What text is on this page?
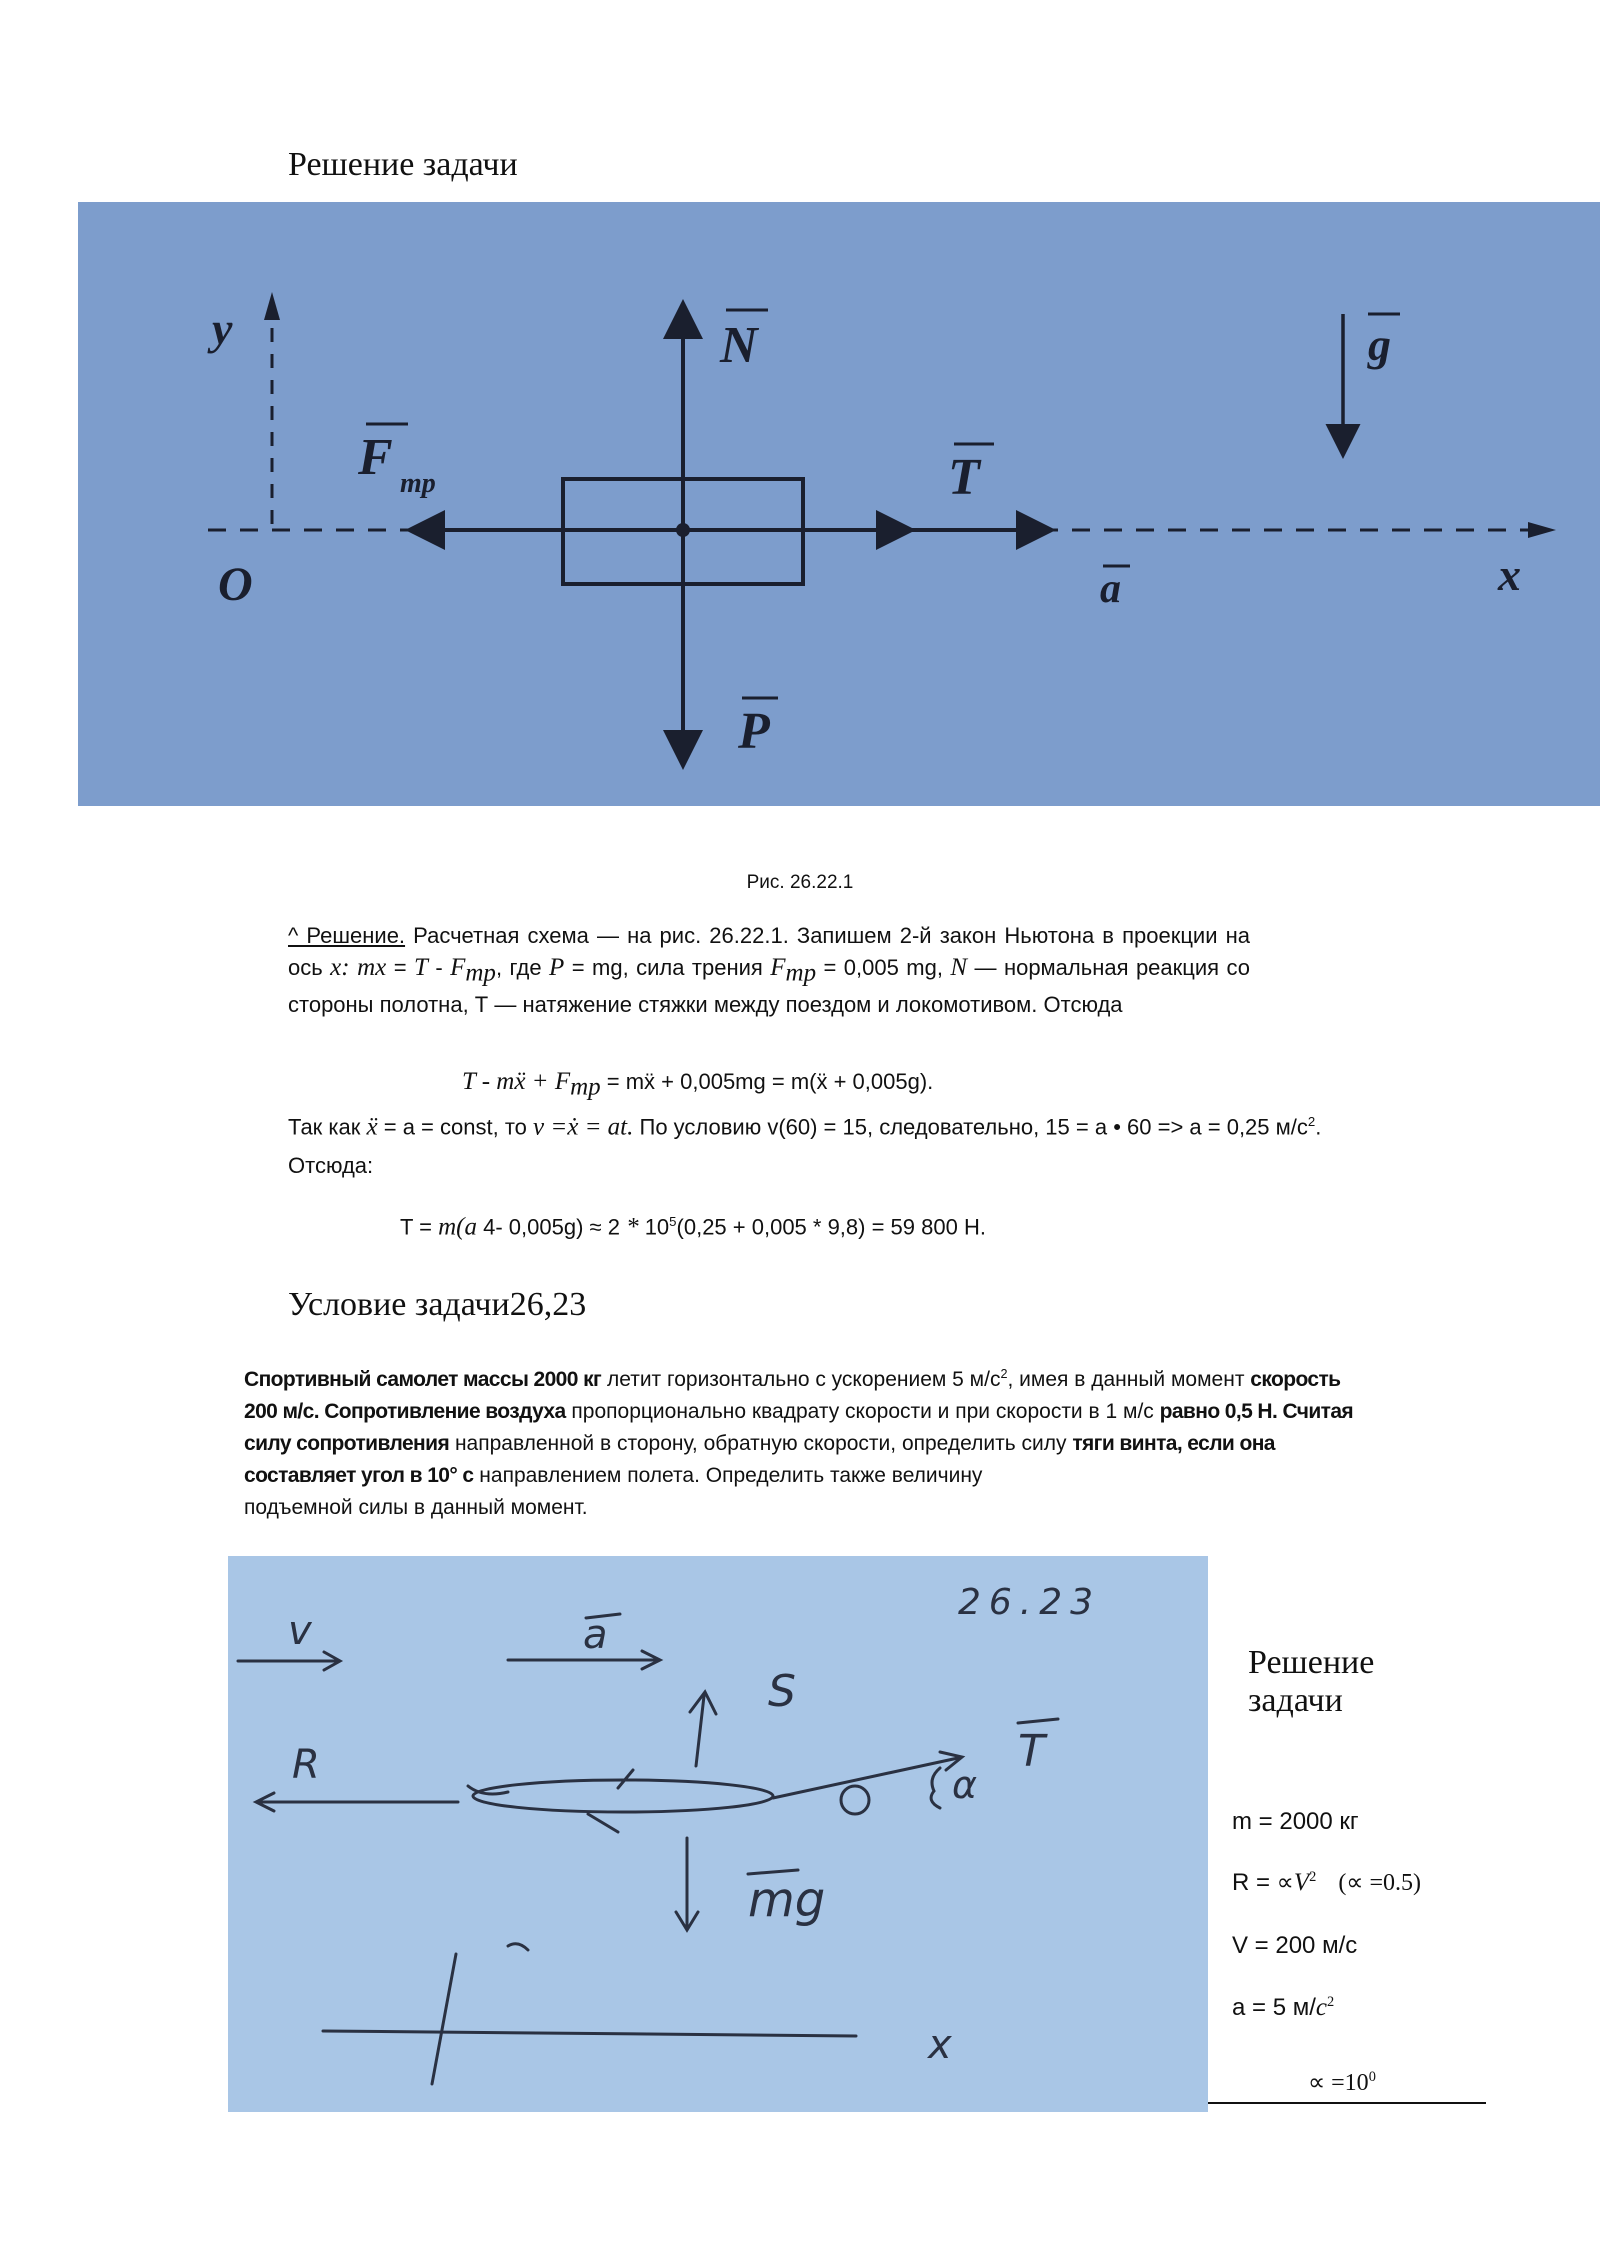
Решение задачи
y
O	x
N	g
F тр	T
a
P
Рис. 26.22.1
^ Решение. Расчетная схема — на рис. 26.22.1. Запишем 2-й закон Ньютона в проекции на ось x: mx = T - $F_{тр}$, где P = mg, сила трения $F_{тр} = 0,005$ mg, N — нормальная реакция со стороны полотна, Т — натяжение стяжки между поездом и локомотивом. Отсюда
T - mẍ + $F_{тр}$ = mẍ + 0,005mg = m(ẍ + 0,005g).
Так как ẍ = a = const, то v =ẋ = at. По условию v(60) = 15, следовательно, 15 = a • 60 => a = 0,25 $м/с^2$.
Отсюда:
T = m(a 4- $0,005g) \approx 2 * 10^5(0,25 + 0,005 * 9,8) = 59$ 800 Н.
Условие задачи26,23
Спортивный самолет массы 2000 кг летит горизонтально с ускорением 5 $м/с^2$, имея в данный момент скорость
200 м/с. Сопротивление воздуха пропорционально квадрату скорости и при скорости в 1 м/с равно 0,5 Н. Считая
силу сопротивления направленной в сторону, обратную скорости, определить силу тяги винта, если она
составляет угол в 10° с направлением полета. Определить также величину
подъемной силы в данный момент.
26.23
v	a
S
T
R	α
mg
x
Решение
задачи
m = 2000 кг
$R = \propto V^2$ (∝ =0.5)
V = 200 м/с
a = 5 $м/c^2$
∝ $=10^0$
